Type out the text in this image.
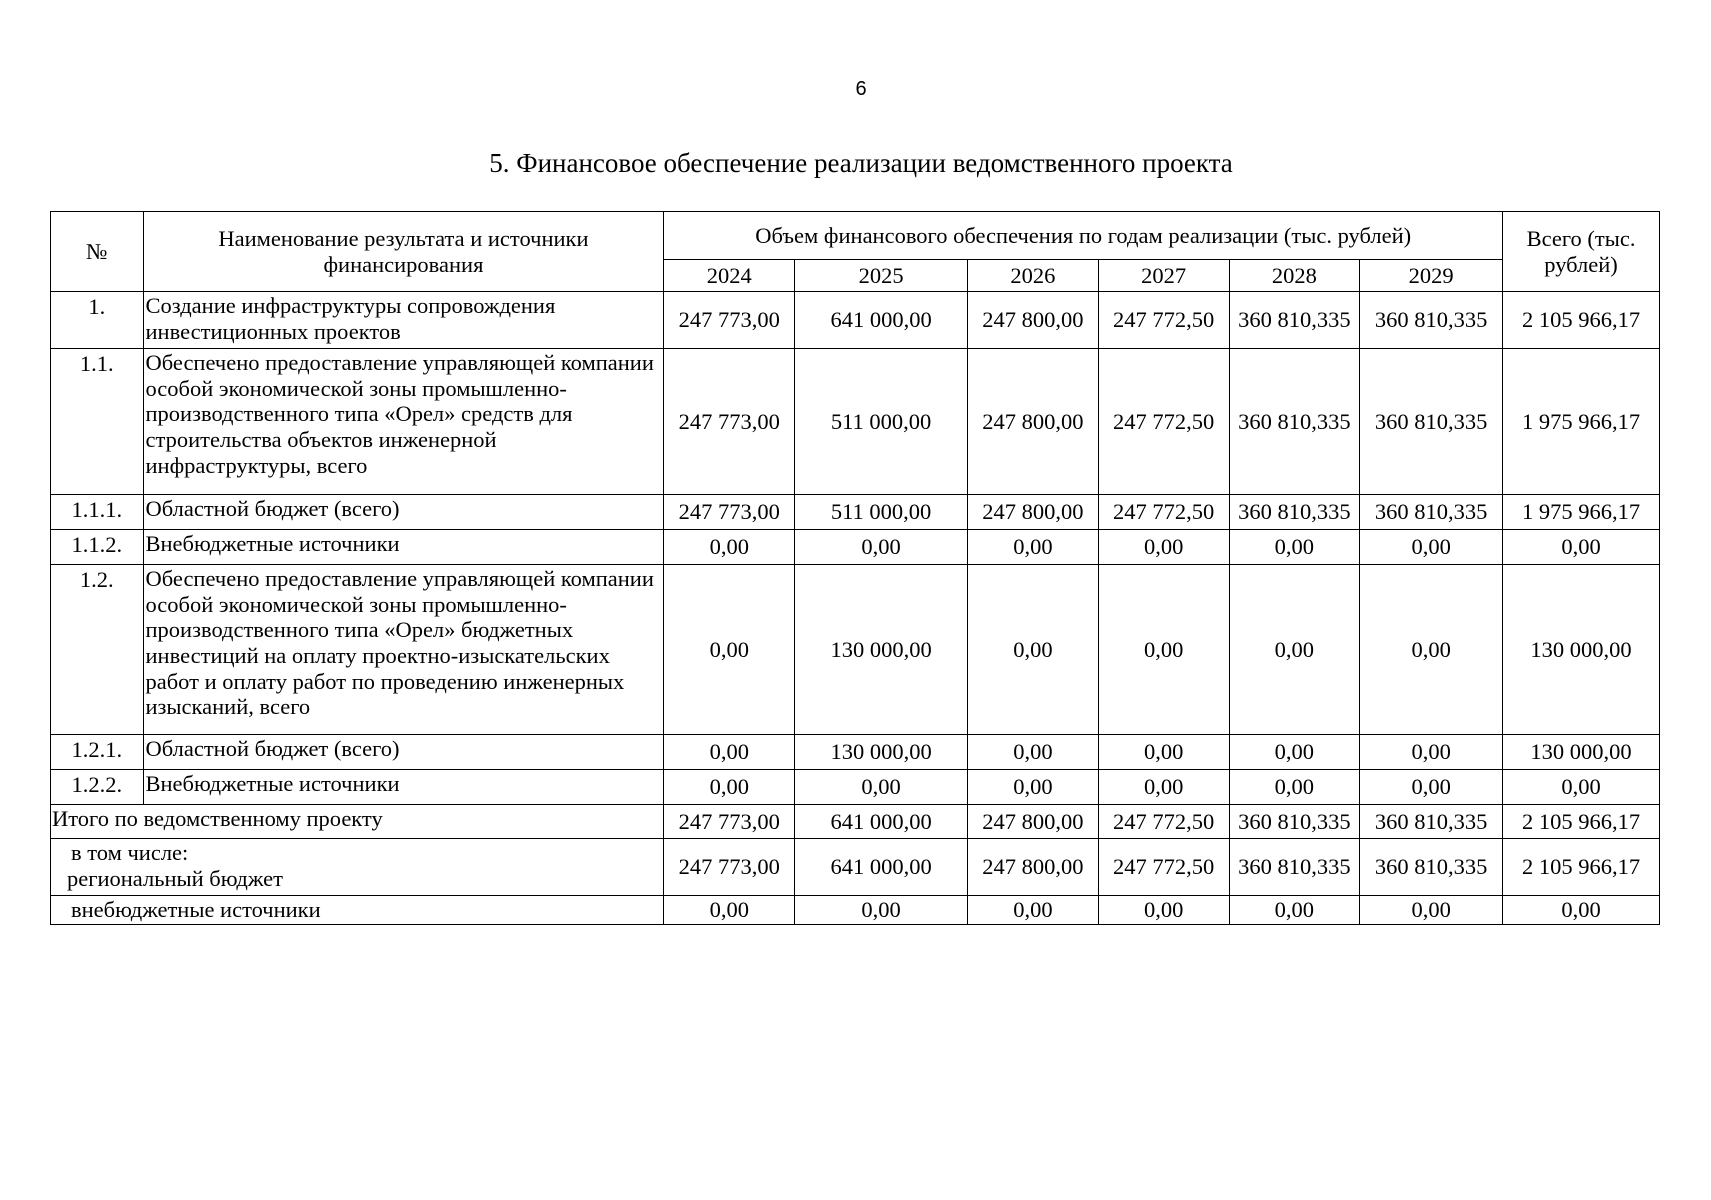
6
5. Финансовое обеспечение реализации ведомственного проекта
№	Наименование результата и источники финансирования	Объем финансового обеспечения по годам реализации (тыс. рублей)						Всего (тыс. рублей)
		2024	2025	2026	2027	2028	2029	
1.	Создание инфраструктуры сопровождения инвестиционных проектов	247 773,00	641 000,00	247 800,00	247 772,50	360 810,335	360 810,335	2 105 966,17
1.1.	Обеспечено предоставление управляющей компании особой экономической зоны промышленно-производственного типа «Орел» средств для строительства объектов инженерной инфраструктуры, всего	247 773,00	511 000,00	247 800,00	247 772,50	360 810,335	360 810,335	1 975 966,17
1.1.1.	Областной бюджет (всего)	247 773,00	511 000,00	247 800,00	247 772,50	360 810,335	360 810,335	1 975 966,17
1.1.2.	Внебюджетные источники	0,00	0,00	0,00	0,00	0,00	0,00	0,00
1.2.	Обеспечено предоставление управляющей компании особой экономической зоны промышленно-производственного типа «Орел» бюджетных инвестиций на оплату проектно-изыскательских работ и оплату работ по проведению инженерных изысканий, всего	0,00	130 000,00	0,00	0,00	0,00	0,00	130 000,00
1.2.1.	Областной бюджет (всего)	0,00	130 000,00	0,00	0,00	0,00	0,00	130 000,00
1.2.2.	Внебюджетные источники	0,00	0,00	0,00	0,00	0,00	0,00	0,00
Итого по ведомственному проекту		247 773,00	641 000,00	247 800,00	247 772,50	360 810,335	360 810,335	2 105 966,17

в том числе:
региональный бюджет		247 773,00	641 000,00	247 800,00	247 772,50	360 810,335	360 810,335	2 105 966,17
внебюджетные источники		0,00	0,00	0,00	0,00	0,00	0,00	0,00
